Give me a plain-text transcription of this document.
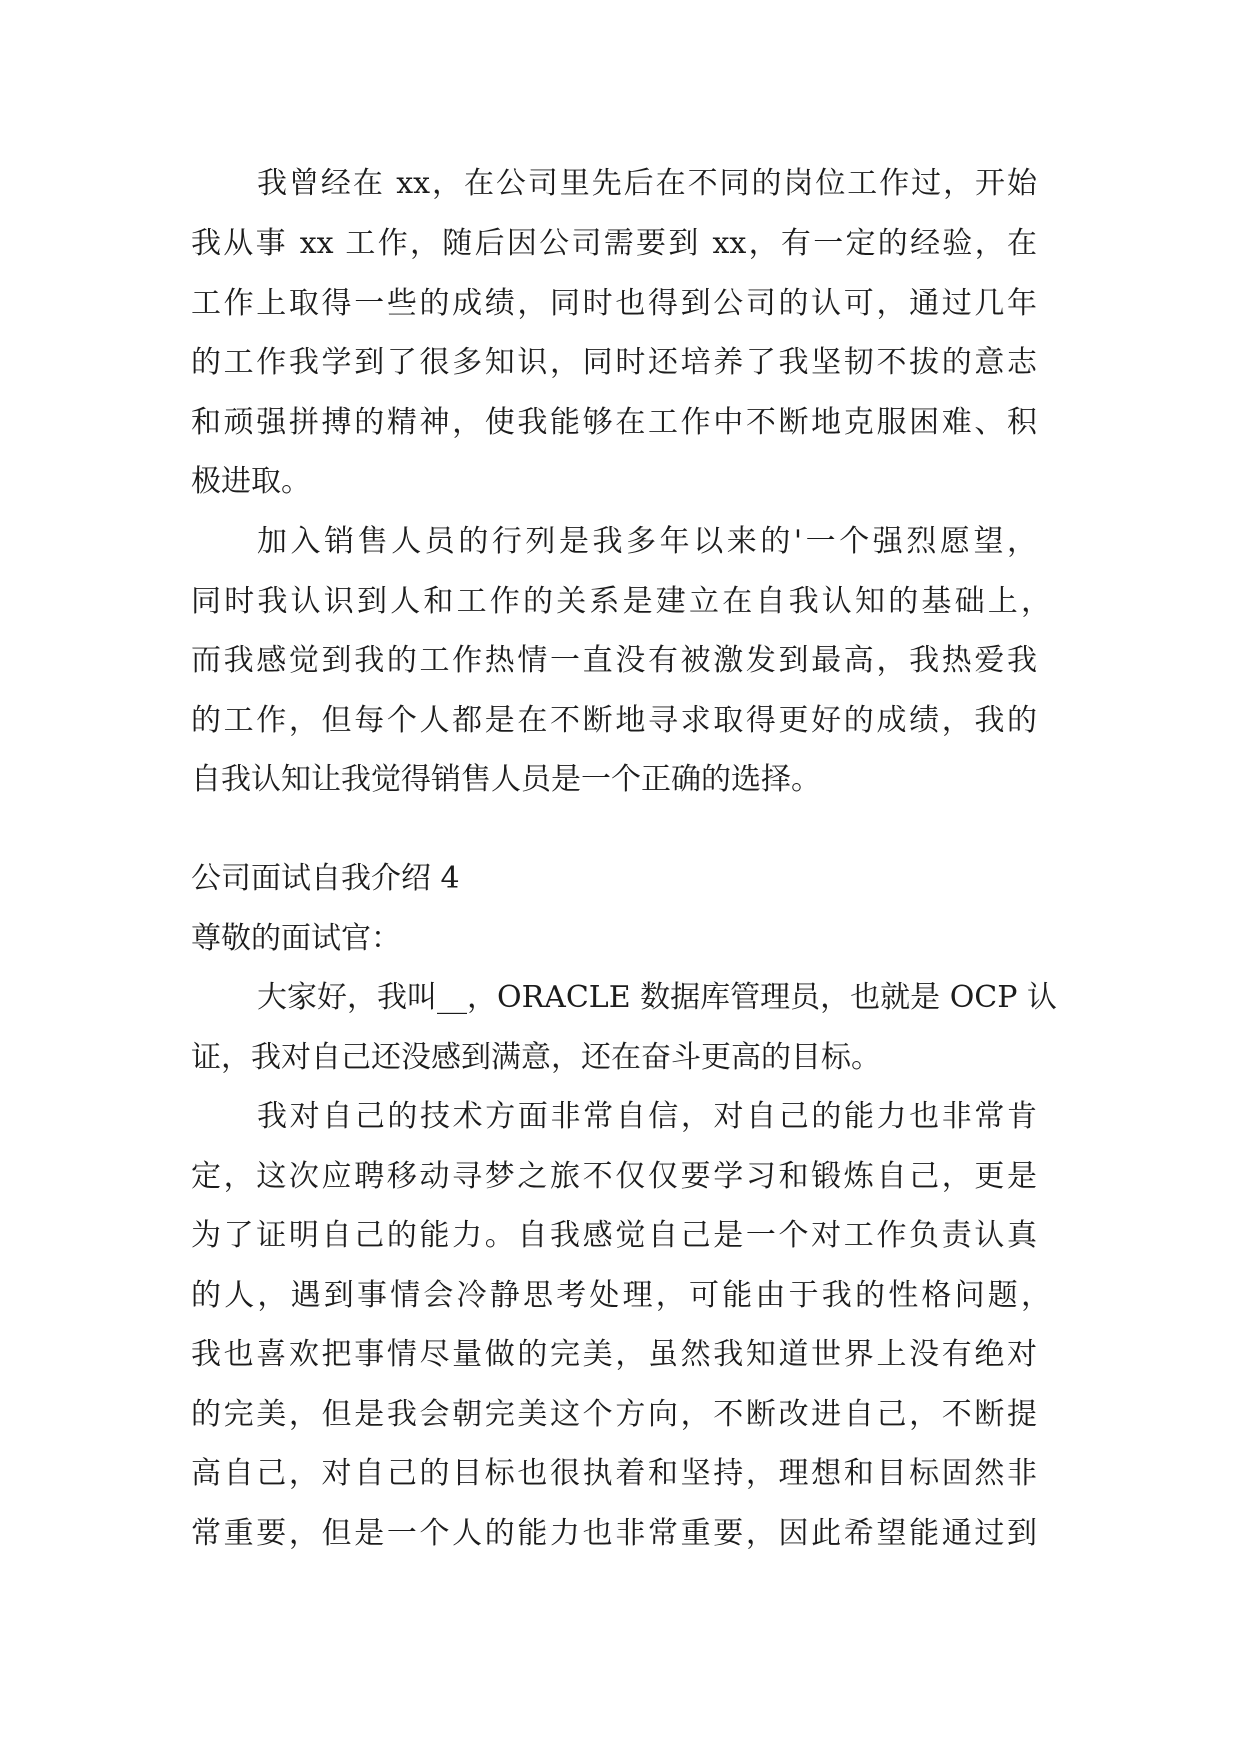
我曾经在 xx，在公司里先后在不同的岗位工作过，开始
我从事 xx 工作，随后因公司需要到 xx，有一定的经验，在
工作上取得一些的成绩，同时也得到公司的认可，通过几年
的工作我学到了很多知识，同时还培养了我坚韧不拔的意志
和顽强拼搏的精神，使我能够在工作中不断地克服困难、积
极进取。
加入销售人员的行列是我多年以来的'一个强烈愿望，
同时我认识到人和工作的关系是建立在自我认知的基础上，
而我感觉到我的工作热情一直没有被激发到最高，我热爱我
的工作，但每个人都是在不断地寻求取得更好的成绩，我的
自我认知让我觉得销售人员是一个正确的选择。
公司面试自我介绍 4
尊敬的面试官：
大家好，我叫__，ORACLE 数据库管理员，也就是 OCP 认
证，我对自己还没感到满意，还在奋斗更高的目标。
我对自己的技术方面非常自信，对自己的能力也非常肯
定，这次应聘移动寻梦之旅不仅仅要学习和锻炼自己，更是
为了证明自己的能力。自我感觉自己是一个对工作负责认真
的人，遇到事情会冷静思考处理，可能由于我的性格问题，
我也喜欢把事情尽量做的完美，虽然我知道世界上没有绝对
的完美，但是我会朝完美这个方向，不断改进自己，不断提
高自己，对自己的目标也很执着和坚持，理想和目标固然非
常重要，但是一个人的能力也非常重要，因此希望能通过到
